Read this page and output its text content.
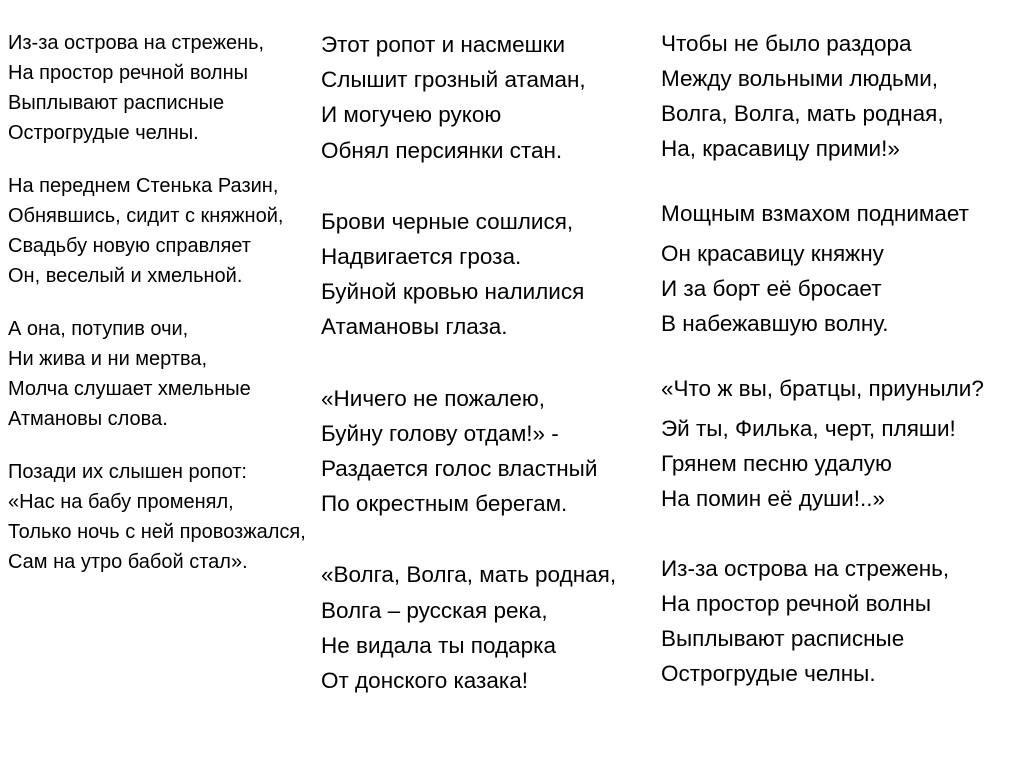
Из-за острова на стрежень,
На простор речной волны
Выплывают расписные
Острогрудые челны.
На переднем Стенька Разин,
Обнявшись, сидит с княжной,
Свадьбу новую справляет
Он, веселый и хмельной.
А она, потупив очи,
Ни жива и ни мертва,
Молча слушает хмельные
Атмановы слова.
Позади их слышен ропот:
«Нас на бабу променял,
Только ночь с ней провозжался,
Сам на утро бабой стал».
Этот ропот и насмешки
Слышит грозный атаман,
И могучею рукою
Обнял персиянки стан.
Брови черные сошлися,
Надвигается гроза.
Буйной кровью налилися
Атамановы глаза.
«Ничего не пожалею,
Буйну голову отдам!» -
Раздается голос властный
По окрестным берегам.
«Волга, Волга, мать родная,
Волга – русская река,
Не видала ты подарка
От донского казака!
Чтобы не было раздора
Между вольными людьми,
Волга, Волга, мать родная,
На, красавицу прими!»
Мощным взмахом поднимает
Он красавицу княжну
И за борт её бросает
В набежавшую волну.
«Что ж вы, братцы, приуныли?
Эй ты, Филька, черт, пляши!
Грянем песню удалую
На помин её души!..»
Из-за острова на стрежень,
На простор речной волны
Выплывают расписные
Острогрудые челны.
